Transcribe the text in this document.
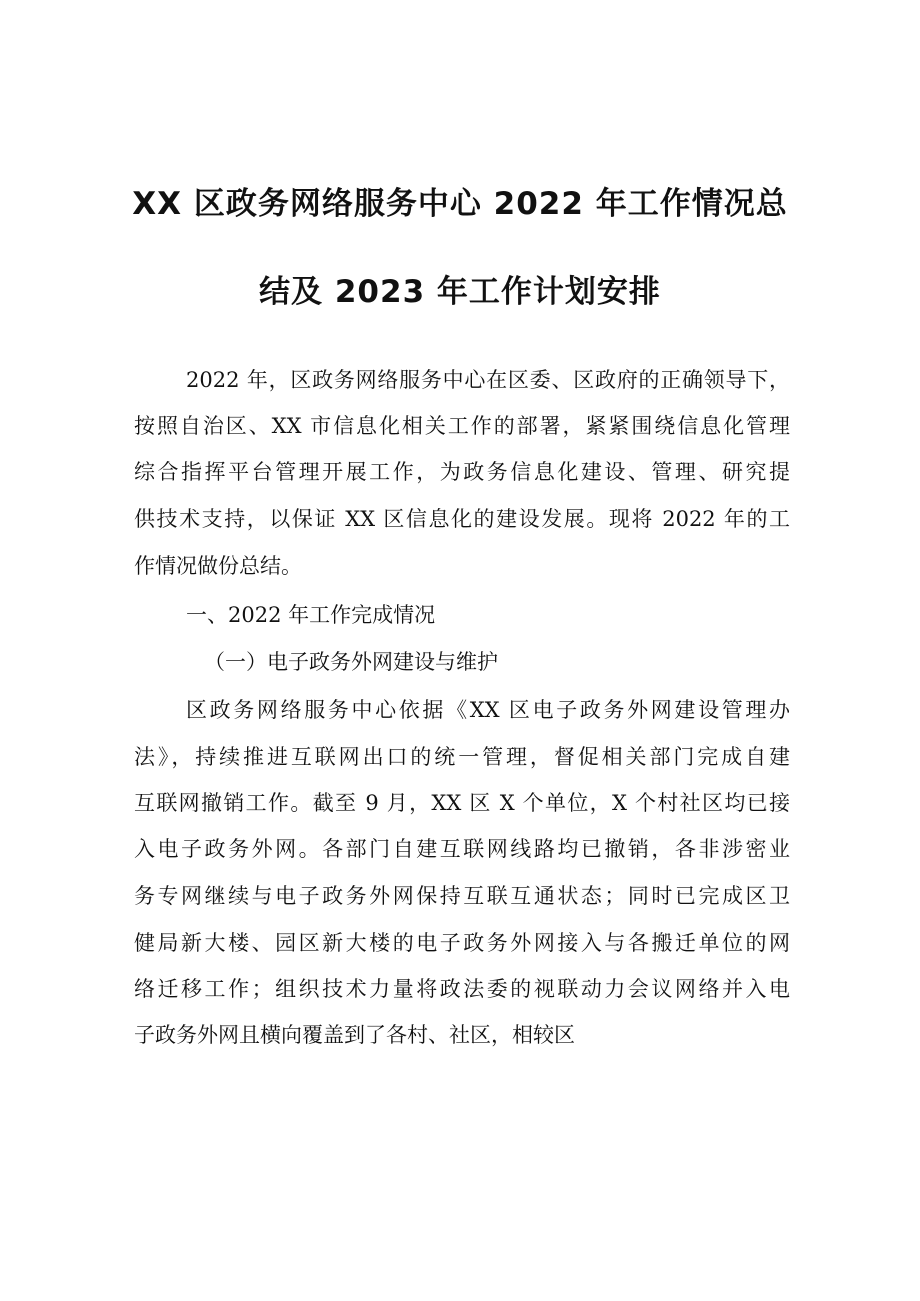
XX 区政务网络服务中心 2022 年工作情况总
结及 2023 年工作计划安排
2022 年，区政务网络服务中心在区委、区政府的正确领导下，
按照自治区、XX 市信息化相关工作的部署，紧紧围绕信息化管理
综合指挥平台管理开展工作，为政务信息化建设、管理、研究提
供技术支持，以保证 XX 区信息化的建设发展。现将 2022 年的工
作情况做份总结。
一、2022 年工作完成情况
（一）电子政务外网建设与维护
区政务网络服务中心依据《XX 区电子政务外网建设管理办
法》，持续推进互联网出口的统一管理，督促相关部门完成自建
互联网撤销工作。截至 9 月，XX 区 X 个单位，X 个村社区均已接
入电子政务外网。各部门自建互联网线路均已撤销，各非涉密业
务专网继续与电子政务外网保持互联互通状态；同时已完成区卫
健局新大楼、园区新大楼的电子政务外网接入与各搬迁单位的网
络迁移工作；组织技术力量将政法委的视联动力会议网络并入电
子政务外网且横向覆盖到了各村、社区，相较区
